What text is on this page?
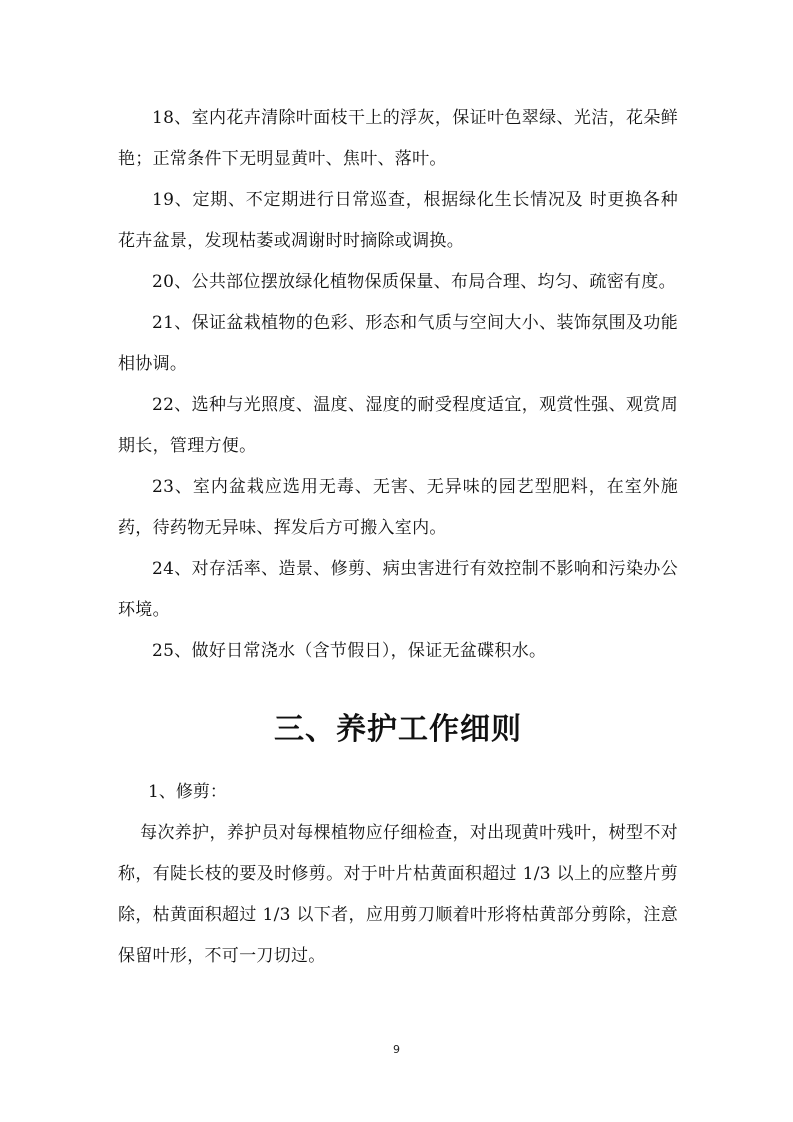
18、室内花卉清除叶面枝干上的浮灰，保证叶色翠绿、光洁，花朵鲜艳；正常条件下无明显黄叶、焦叶、落叶。

19、定期、不定期进行日常巡查，根据绿化生长情况及 时更换各种花卉盆景，发现枯萎或凋谢时时摘除或调换。

20、公共部位摆放绿化植物保质保量、布局合理、均匀、疏密有度。

21、保证盆栽植物的色彩、形态和气质与空间大小、装饰氛围及功能相协调。

22、选种与光照度、温度、湿度的耐受程度适宜，观赏性强、观赏周期长，管理方便。

23、室内盆栽应选用无毒、无害、无异味的园艺型肥料，在室外施药，待药物无异味、挥发后方可搬入室内。

24、对存活率、造景、修剪、病虫害进行有效控制不影响和污染办公环境。

25、做好日常浇水（含节假日），保证无盆碟积水。

三、养护工作细则

1、修剪：

每次养护，养护员对每棵植物应仔细检查，对出现黄叶残叶，树型不对称，有陡长枝的要及时修剪。对于叶片枯黄面积超过 1/3 以上的应整片剪除，枯黄面积超过 1/3 以下者，应用剪刀顺着叶形将枯黄部分剪除，注意保留叶形，不可一刀切过。

9
